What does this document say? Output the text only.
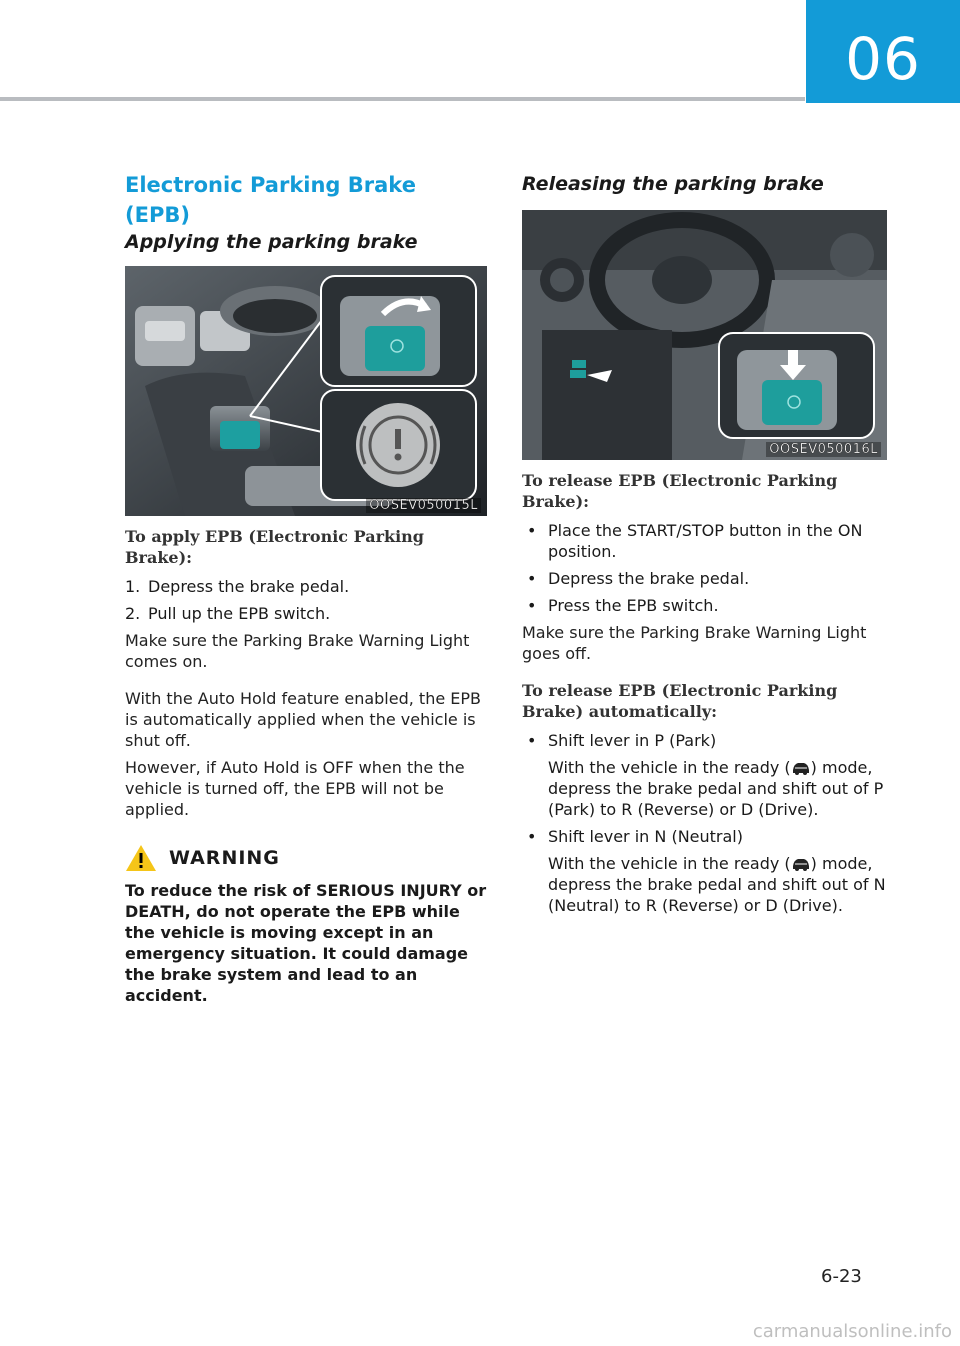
06
Electronic Parking Brake (EPB)
Applying the parking brake
OOSEV050015L
To apply EPB (Electronic Parking Brake):
1. Depress the brake pedal.
2. Pull up the EPB switch.

Make sure the Parking Brake Warning Light comes on.

With the Auto Hold feature enabled, the EPB is automatically applied when the vehicle is shut off.

However, if Auto Hold is OFF when the the vehicle is turned off, the EPB will not be applied.

WARNING

To reduce the risk of SERIOUS INJURY or DEATH, do not operate the EPB while the vehicle is moving except in an emergency situation. It could damage the brake system and lead to an accident.

Releasing the parking brake
OOSEV050016L
To release EPB (Electronic Parking Brake):
• Place the START/STOP button in the ON position.
• Depress the brake pedal.
• Press the EPB switch.

Make sure the Parking Brake Warning Light goes off.

To release EPB (Electronic Parking Brake) automatically:
• Shift lever in P (Park)

With the vehicle in the ready ( ) mode, depress the brake pedal and shift out of P (Park) to R (Reverse) or D (Drive).

• Shift lever in N (Neutral)

With the vehicle in the ready ( ) mode, depress the brake pedal and shift out of N (Neutral) to R (Reverse) or D (Drive).

6-23
carmanualsonline.info
